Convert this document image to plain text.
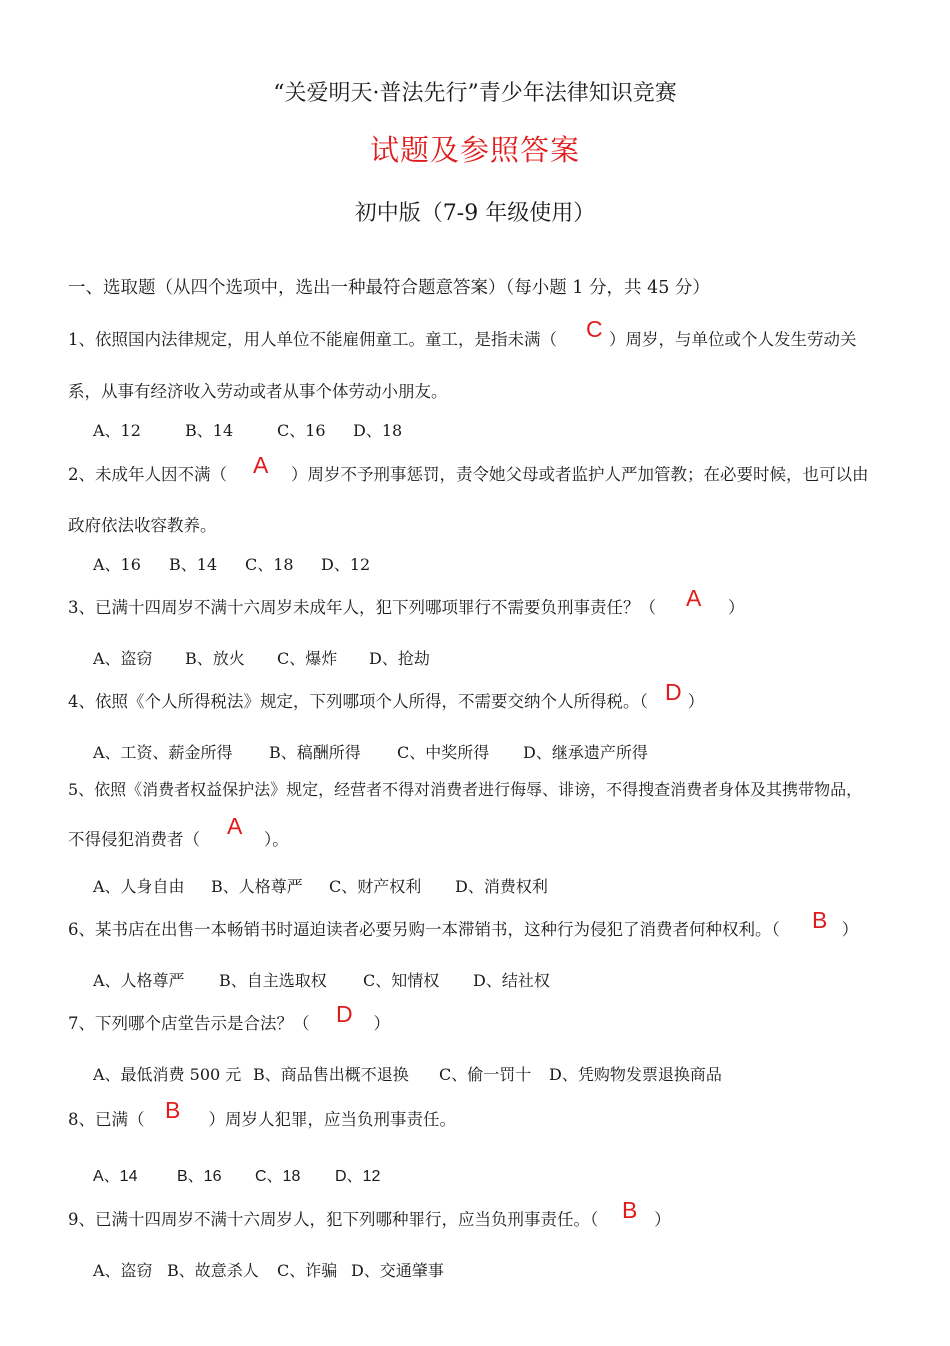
“关爱明天·普法先行”青少年法律知识竞赛
试题及参照答案
初中版（7-9 年级使用）
一、选取题（从四个选项中，选出一种最符合题意答案）（每小题 1 分，共 45 分）
1、依照国内法律规定，用人单位不能雇佣童工。童工，是指未满（	）周岁，与单位或个人发生劳动关
C
系，从事有经济收入劳动或者从事个体劳动小朋友。
A、12	B、14	C、16 D、18
2、未成年人因不满（	）周岁不予刑事惩罚，责令她父母或者监护人严加管教；在必要时候，也可以由
A
政府依法收容教养。
A、16 B、14 C、18 D、12
3、已满十四周岁不满十六周岁未成年人，犯下列哪项罪行不需要负刑事责任？（	）
A
A、盗窃 B、放火 C、爆炸 D、抢劫
4、依照《个人所得税法》规定，下列哪项个人所得，不需要交纳个人所得税。（ ）
D
A、工资、薪金所得 B、稿酬所得 C、中奖所得 D、继承遗产所得
5、依照《消费者权益保护法》规定，经营者不得对消费者进行侮辱、诽谤，不得搜查消费者身体及其携带物品，
不得侵犯消费者（	）。
A
A、人身自由 B、人格尊严 C、财产权利 D、消费权利
6、某书店在出售一本畅销书时逼迫读者必要另购一本滞销书，这种行为侵犯了消费者何种权利。（	）
B
A、人格尊严 B、自主选取权 C、知情权 D、结社权
7、下列哪个店堂告示是合法？（	）
D
A、最低消费 500 元 B、商品售出概不退换 C、偷一罚十 D、凭购物发票退换商品
8、已满（	）周岁人犯罪，应当负刑事责任。
B
A、14 B、16 C、18 D、12
9、已满十四周岁不满十六周岁人，犯下列哪种罪行，应当负刑事责任。（	）
B
A、盗窃 B、故意杀人 C、诈骗 D、交通肇事
